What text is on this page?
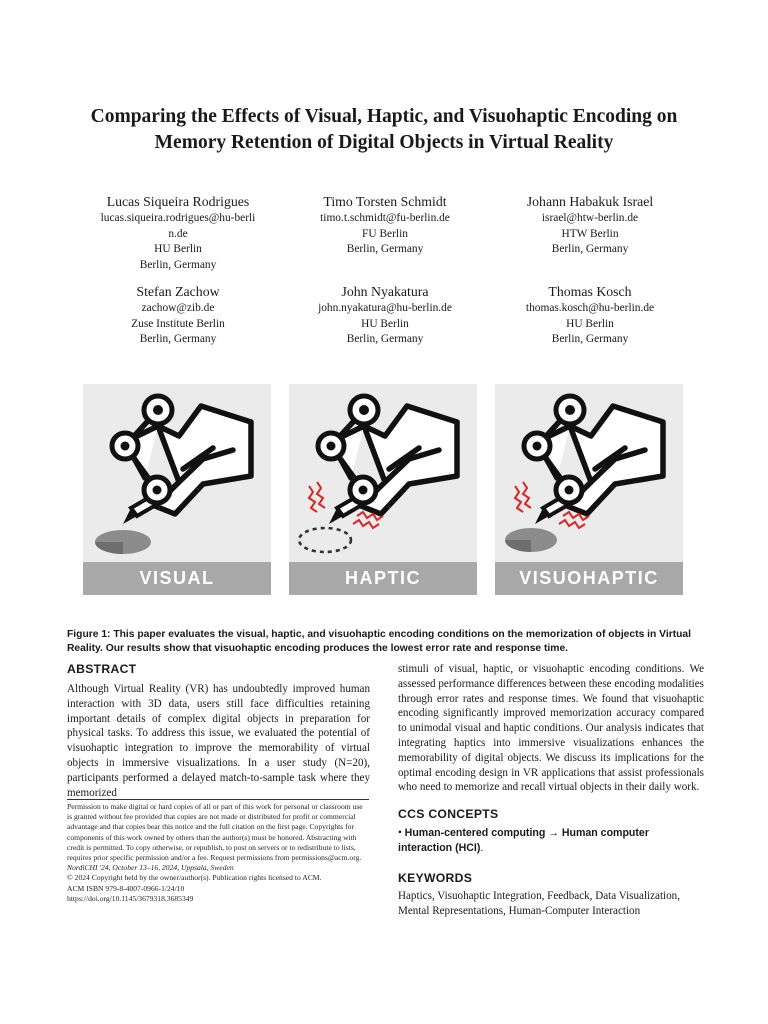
Comparing the Effects of Visual, Haptic, and Visuohaptic Encoding on Memory Retention of Digital Objects in Virtual Reality
Lucas Siqueira Rodrigues
lucas.siqueira.rodrigues@hu-berlin.de
HU Berlin
Berlin, Germany
Timo Torsten Schmidt
timo.t.schmidt@fu-berlin.de
FU Berlin
Berlin, Germany
Johann Habakuk Israel
israel@htw-berlin.de
HTW Berlin
Berlin, Germany
Stefan Zachow
zachow@zib.de
Zuse Institute Berlin
Berlin, Germany
John Nyakatura
john.nyakatura@hu-berlin.de
HU Berlin
Berlin, Germany
Thomas Kosch
thomas.kosch@hu-berlin.de
HU Berlin
Berlin, Germany
VISUAL	HAPTIC	VISUOHAPTIC
Figure 1: This paper evaluates the visual, haptic, and visuohaptic encoding conditions on the memorization of objects in Virtual Reality. Our results show that visuohaptic encoding produces the lowest error rate and response time.
ABSTRACT
Although Virtual Reality (VR) has undoubtedly improved human interaction with 3D data, users still face difficulties retaining important details of complex digital objects in preparation for physical tasks. To address this issue, we evaluated the potential of visuohaptic integration to improve the memorability of virtual objects in immersive visualizations. In a user study (N=20), participants performed a delayed match-to-sample task where they memorized
stimuli of visual, haptic, or visuohaptic encoding conditions. We assessed performance differences between these encoding modalities through error rates and response times. We found that visuohaptic encoding significantly improved memorization accuracy compared to unimodal visual and haptic conditions. Our analysis indicates that integrating haptics into immersive visualizations enhances the memorability of digital objects. We discuss its implications for the optimal encoding design in VR applications that assist professionals who need to memorize and recall virtual objects in their daily work.

Permission to make digital or hard copies of all or part of this work for personal or classroom use is granted without fee provided that copies are not made or distributed for profit or commercial advantage and that copies bear this notice and the full citation on the first page. Copyrights for components of this work owned by others than the author(s) must be honored. Abstracting with credit is permitted. To copy otherwise, or republish, to post on servers or to redistribute to lists, requires prior specific permission and/or a fee. Request permissions from permissions@acm.org.

NordiCHI '24, October 13–16, 2024, Uppsala, Sweden

© 2024 Copyright held by the owner/author(s). Publication rights licensed to ACM.

ACM ISBN 979-8-4007-0966-1/24/10

https://doi.org/10.1145/3679318.3685349

CCS CONCEPTS
• Human-centered computing → Human computer interaction (HCI).
KEYWORDS
Haptics, Visuohaptic Integration, Feedback, Data Visualization, Mental Representations, Human-Computer Interaction
